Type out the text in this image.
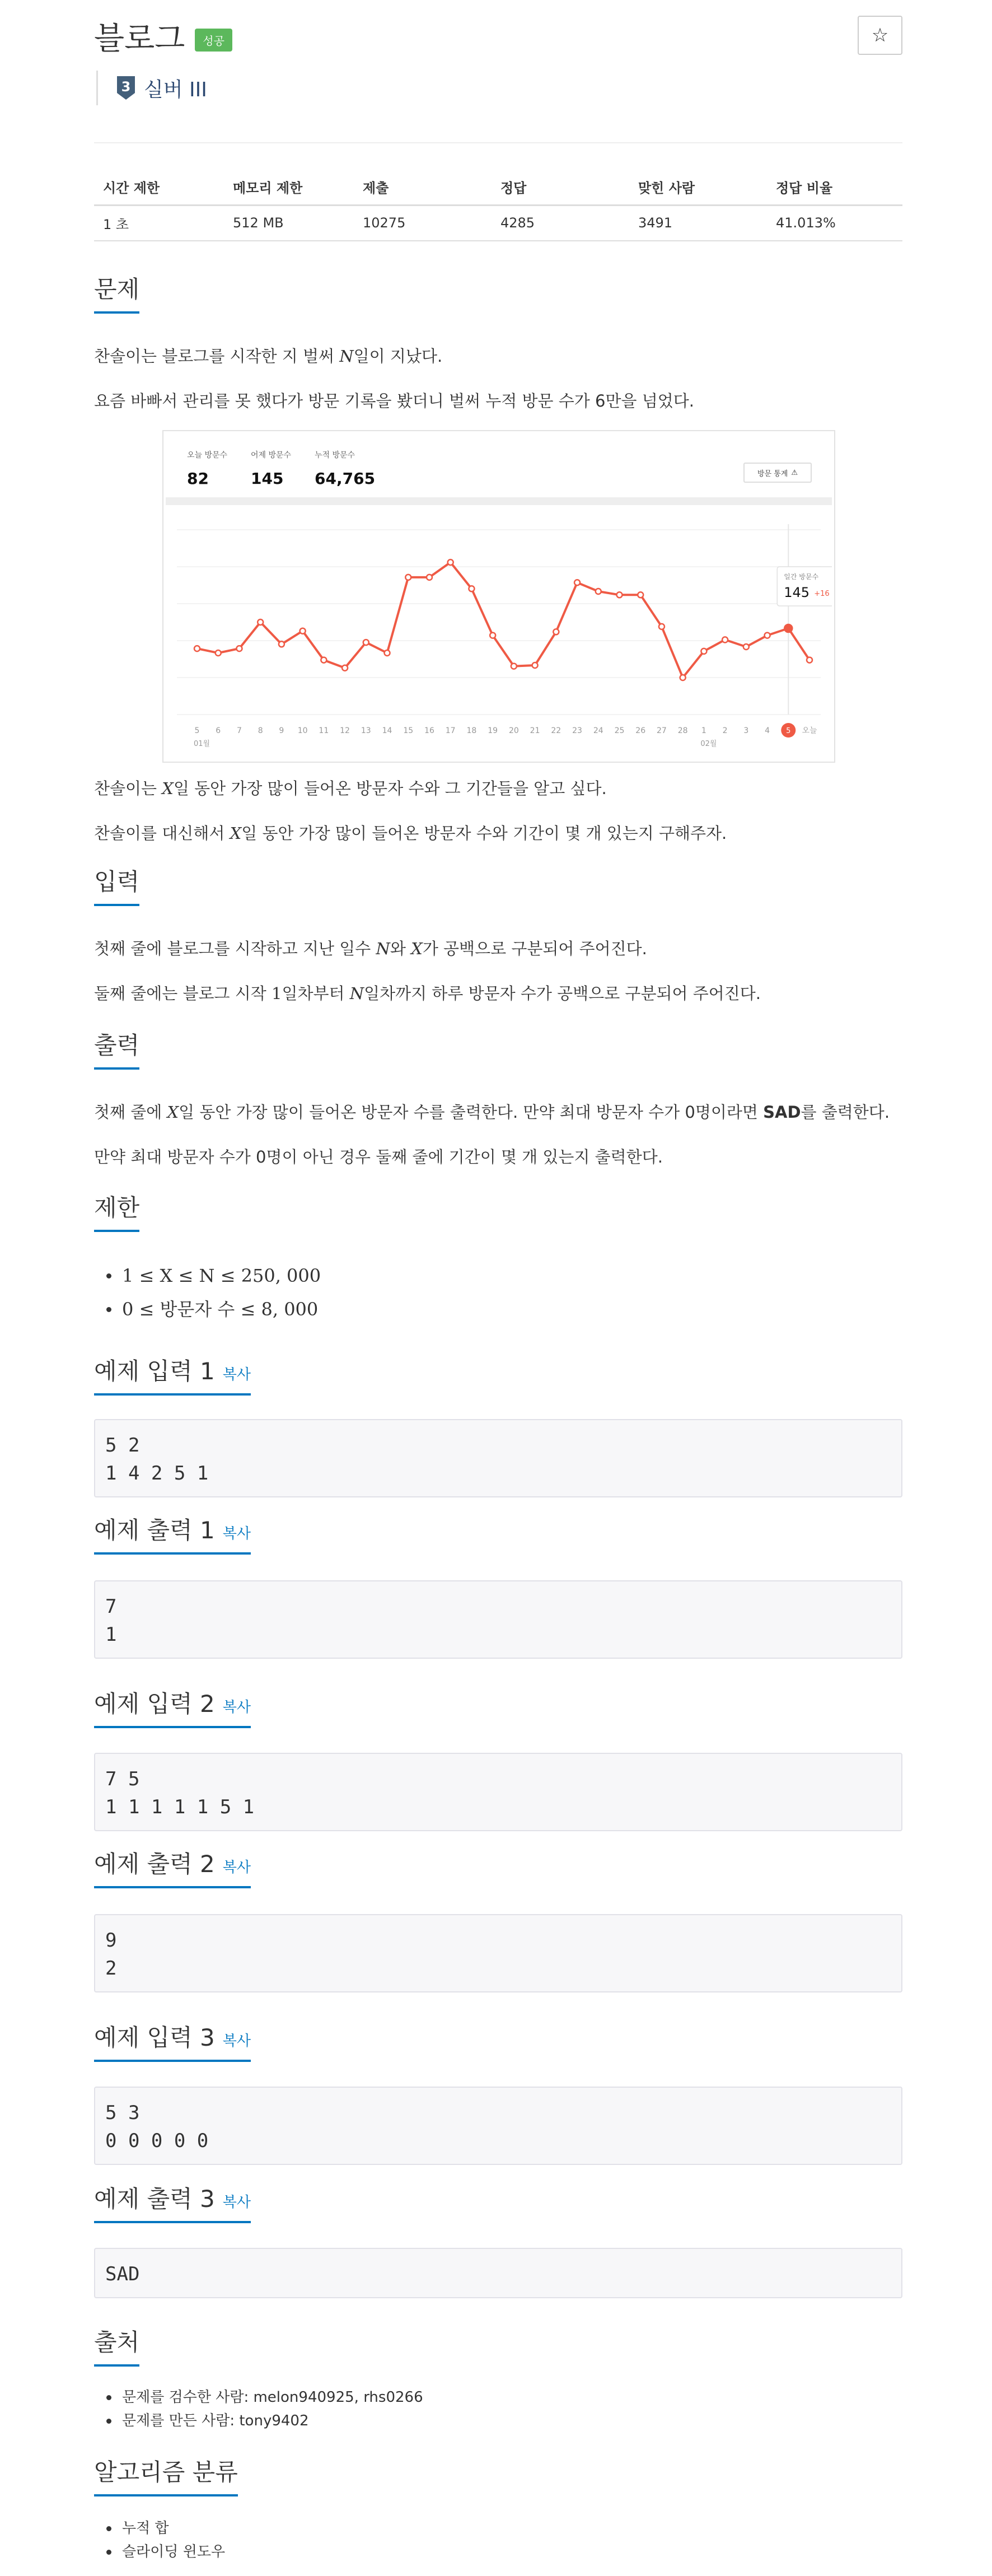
블로그	성공	☆
3 실버 III
시간 제한	메모리 제한	제출	정답	맞힌 사람	정답 비율
1 초	512 MB	10275	4285	3491	41.013%
문제
찬솔이는 블로그를 시작한 지 벌써 N일이 지났다.
요즘 바빠서 관리를 못 했다가 방문 기록을 봤더니 벌써 누적 방문 수가 6만을 넘었다.
오늘 방문수
82
어제 방문수
145
누적 방문수
64,765	방문 통계 ⚠
5 6 7 8 9 10 11 12 13 14 15 16 17 18 19 20 21 22 23 24 25 26 27 28 1 2 3 4 5 오늘
01월	02월
일간 방문수
145 +16
찬솔이는 X일 동안 가장 많이 들어온 방문자 수와 그 기간들을 알고 싶다.
찬솔이를 대신해서 X일 동안 가장 많이 들어온 방문자 수와 기간이 몇 개 있는지 구해주자.
입력
첫째 줄에 블로그를 시작하고 지난 일수 N와 X가 공백으로 구분되어 주어진다.
둘째 줄에는 블로그 시작 1일차부터 N일차까지 하루 방문자 수가 공백으로 구분되어 주어진다.
출력
첫째 줄에 X일 동안 가장 많이 들어온 방문자 수를 출력한다. 만약 최대 방문자 수가 0명이라면 SAD를 출력한다.
만약 최대 방문자 수가 0명이 아닌 경우 둘째 줄에 기간이 몇 개 있는지 출력한다.
제한
1 ≤ X ≤ N ≤ 250, 000
0 ≤ 방문자 수 ≤ 8, 000
예제 입력 1 복사
5 2
1 4 2 5 1
예제 출력 1 복사
7
1
예제 입력 2 복사
7 5
1 1 1 1 1 5 1
예제 출력 2 복사
9
2
예제 입력 3 복사
5 3
0 0 0 0 0
예제 출력 3 복사
SAD
출처
문제를 검수한 사람: melon940925, rhs0266
문제를 만든 사람: tony9402
알고리즘 분류
누적 합
슬라이딩 윈도우
